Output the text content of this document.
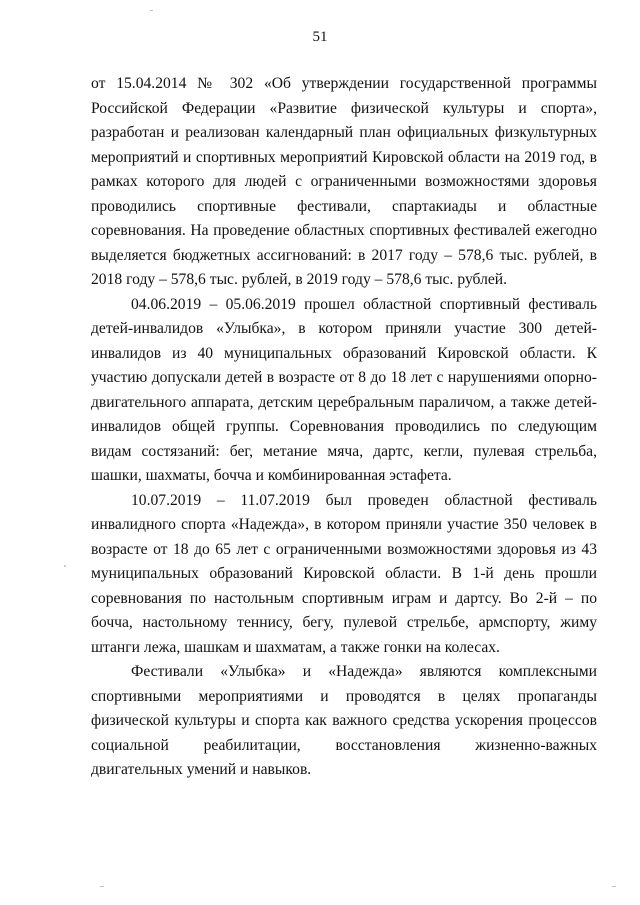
51

от 15.04.2014 № 302 «Об утверждении государственной программы Российской Федерации «Развитие физической культуры и спорта», разработан и реализован календарный план официальных физкультурных мероприятий и спортивных мероприятий Кировской области на 2019 год, в рамках которого для людей с ограниченными возможностями здоровья проводились спортивные фестивали, спартакиады и областные соревнования. На проведение областных спортивных фестивалей ежегодно выделяется бюджетных ассигнований: в 2017 году – 578,6 тыс. рублей, в 2018 году – 578,6 тыс. рублей, в 2019 году – 578,6 тыс. рублей.

04.06.2019 – 05.06.2019 прошел областной спортивный фестиваль детей-инвалидов «Улыбка», в котором приняли участие 300 детей-инвалидов из 40 муниципальных образований Кировской области. К участию допускали детей в возрасте от 8 до 18 лет с нарушениями опорно-двигательного аппарата, детским церебральным параличом, а также детей-инвалидов общей группы. Соревнования проводились по следующим видам состязаний: бег, метание мяча, дартс, кегли, пулевая стрельба, шашки, шахматы, бочча и комбинированная эстафета.

10.07.2019 – 11.07.2019 был проведен областной фестиваль инвалидного спорта «Надежда», в котором приняли участие 350 человек в возрасте от 18 до 65 лет с ограниченными возможностями здоровья из 43 муниципальных образований Кировской области. В 1-й день прошли соревнования по настольным спортивным играм и дартсу. Во 2-й – по бочча, настольному теннису, бегу, пулевой стрельбе, армспорту, жиму штанги лежа, шашкам и шахматам, а также гонки на колесах.

Фестивали «Улыбка» и «Надежда» являются комплексными спортивными мероприятиями и проводятся в целях пропаганды физической культуры и спорта как важного средства ускорения процессов социальной реабилитации, восстановления жизненно-важных двигательных умений и навыков.
